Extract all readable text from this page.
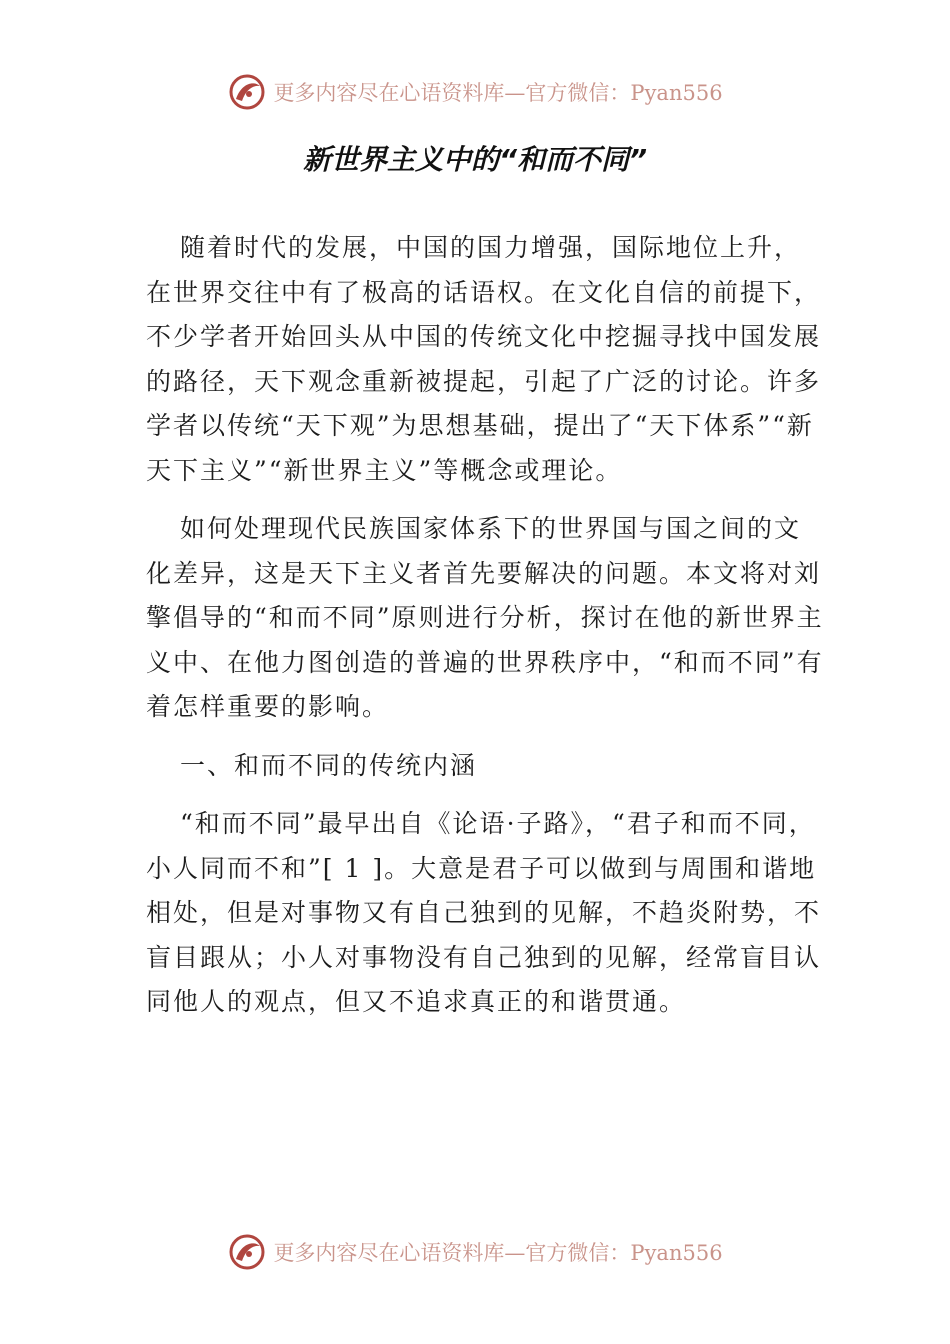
更多内容尽在心语资料库—官方微信：Pyan556
新世界主义中的“和而不同”

随着时代的发展，中国的国力增强，国际地位上升，在世界交往中有了极高的话语权。在文化自信的前提下，不少学者开始回头从中国的传统文化中挖掘寻找中国发展的路径，天下观念重新被提起，引起了广泛的讨论。许多学者以传统“天下观”为思想基础，提出了“天下体系”“新天下主义”“新世界主义”等概念或理论。

如何处理现代民族国家体系下的世界国与国之间的文化差异，这是天下主义者首先要解决的问题。本文将对刘擎倡导的“和而不同”原则进行分析，探讨在他的新世界主义中、在他力图创造的普遍的世界秩序中，“和而不同”有着怎样重要的影响。

一、和而不同的传统内涵

“和而不同”最早出自《论语·子路》，“君子和而不同，小人同而不和”[ 1 ]。大意是君子可以做到与周围和谐地相处，但是对事物又有自己独到的见解，不趋炎附势，不盲目跟从；小人对事物没有自己独到的见解，经常盲目认同他人的观点，但又不追求真正的和谐贯通。

更多内容尽在心语资料库—官方微信：Pyan556
